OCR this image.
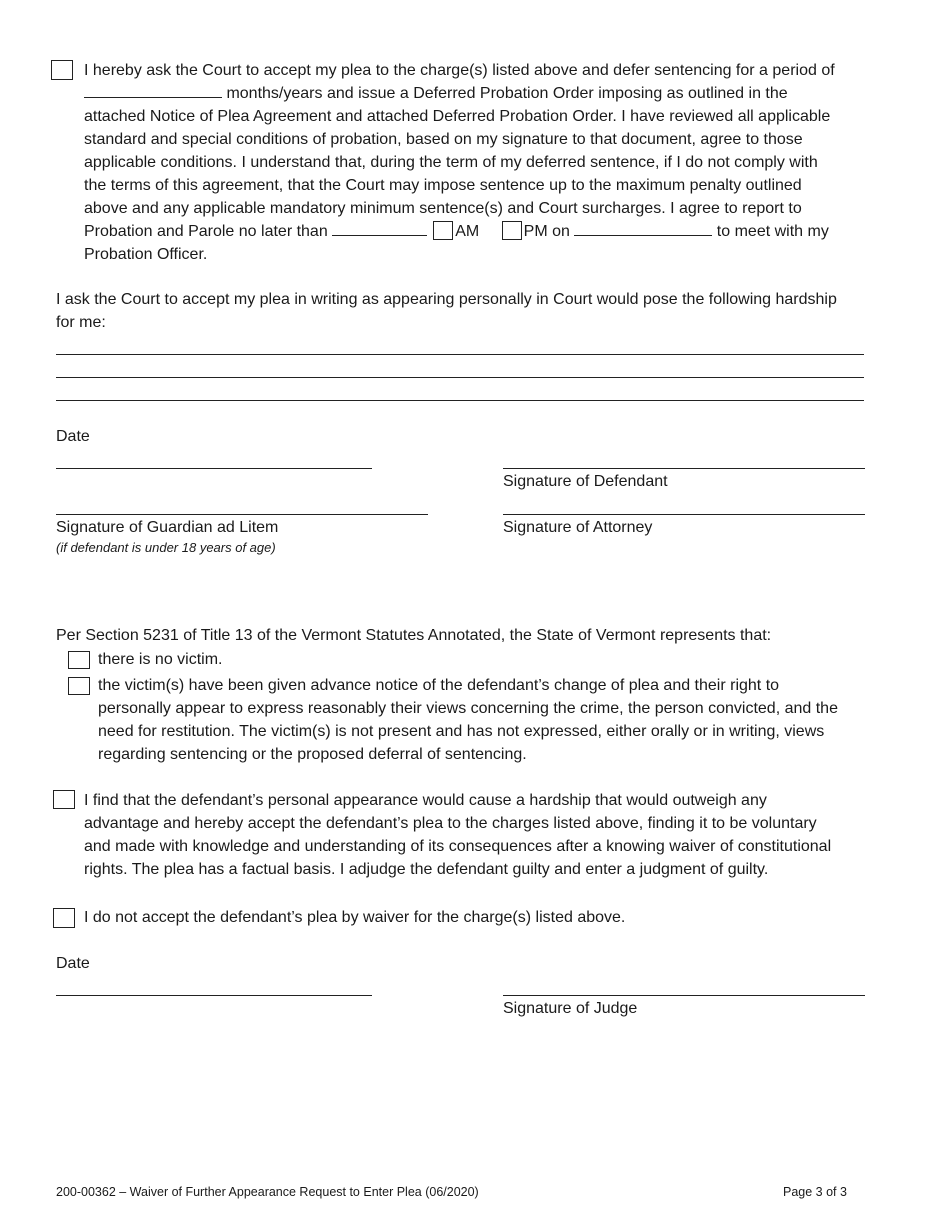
I hereby ask the Court to accept my plea to the charge(s) listed above and defer sentencing for a period of
months/years and issue a Deferred Probation Order imposing as outlined in the
attached Notice of Plea Agreement and attached Deferred Probation Order. I have reviewed all applicable
standard and special conditions of probation, based on my signature to that document, agree to those
applicable conditions. I understand that, during the term of my deferred sentence, if I do not comply with
the terms of this agreement, that the Court may impose sentence up to the maximum penalty outlined
above and any applicable mandatory minimum sentence(s) and Court surcharges. I agree to report to
Probation and Parole no later than	AM	PM on	to meet with my
Probation Officer.
I ask the Court to accept my plea in writing as appearing personally in Court would pose the following hardship
for me:
Date
Signature of Defendant
Signature of Guardian ad Litem
(if defendant is under 18 years of age)
Signature of Attorney
Per Section 5231 of Title 13 of the Vermont Statutes Annotated, the State of Vermont represents that:
there is no victim.
the victim(s) have been given advance notice of the defendant’s change of plea and their right to
personally appear to express reasonably their views concerning the crime, the person convicted, and the
need for restitution. The victim(s) is not present and has not expressed, either orally or in writing, views
regarding sentencing or the proposed deferral of sentencing.
I find that the defendant’s personal appearance would cause a hardship that would outweigh any
advantage and hereby accept the defendant’s plea to the charges listed above, finding it to be voluntary
and made with knowledge and understanding of its consequences after a knowing waiver of constitutional
rights. The plea has a factual basis. I adjudge the defendant guilty and enter a judgment of guilty.
I do not accept the defendant’s plea by waiver for the charge(s) listed above.
Date
Signature of Judge
200-00362 – Waiver of Further Appearance Request to Enter Plea (06/2020)	Page 3 of 3
